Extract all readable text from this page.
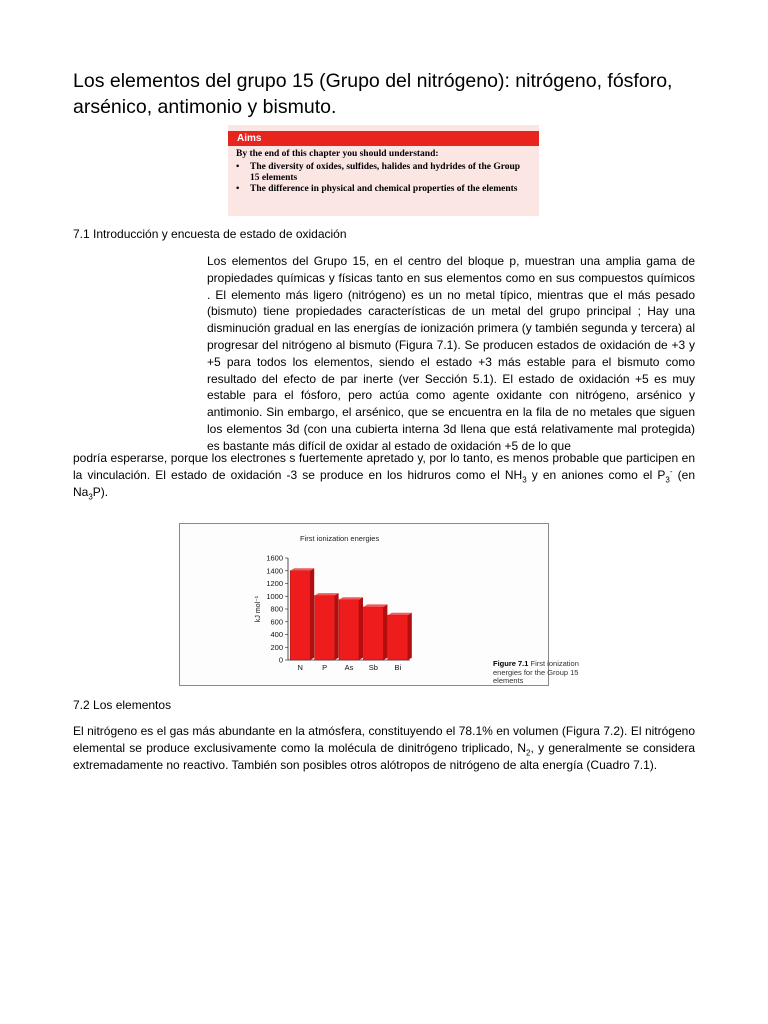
Los elementos del grupo 15 (Grupo del nitrógeno): nitrógeno, fósforo, arsénico, antimonio y bismuto.
Aims
By the end of this chapter you should understand:
• The diversity of oxides, sulfides, halides and hydrides of the Group 15 elements
• The difference in physical and chemical properties of the elements
7.1 Introducción y encuesta de estado de oxidación

Los elementos del Grupo 15, en el centro del bloque p, muestran una amplia gama de propiedades químicas y físicas tanto en sus elementos como en sus compuestos químicos . El elemento más ligero (nitrógeno) es un no metal típico, mientras que el más pesado (bismuto) tiene propiedades características de un metal del grupo principal ; Hay una disminución gradual en las energías de ionización primera (y también segunda y tercera) al progresar del nitrógeno al bismuto (Figura 7.1). Se producen estados de oxidación de +3 y +5 para todos los elementos, siendo el estado +3 más estable para el bismuto como resultado del efecto de par inerte (ver Sección 5.1). El estado de oxidación +5 es muy estable para el fósforo, pero actúa como agente oxidante con nitrógeno, arsénico y antimonio. Sin embargo, el arsénico, que se encuentra en la fila de no metales que siguen los elementos 3d (con una cubierta interna 3d llena que está relativamente mal protegida) es bastante más difícil de oxidar al estado de oxidación +5 de lo que

podría esperarse, porque los electrones s fuertemente apretado y, por lo tanto, es menos probable que participen en la vinculación. El estado de oxidación -3 se produce en los hidruros como el $NH_3$ y en aniones como el $P_3^-$ (en $Na_3P$).

First ionization energies
0
200
400
600
800
1000
1200
1400
1600
kJ mol⁻¹
N	P As Sb Bi	Figure 7.1 First ionization energies for the Group 15 elements
7.2 Los elementos

El nitrógeno es el gas más abundante en la atmósfera, constituyendo el 78.1% en volumen (Figura 7.2). El nitrógeno elemental se produce exclusivamente como la molécula de dinitrógeno triplicado, $N_2$, y generalmente se considera extremadamente no reactivo. También son posibles otros alótropos de nitrógeno de alta energía (Cuadro 7.1).
